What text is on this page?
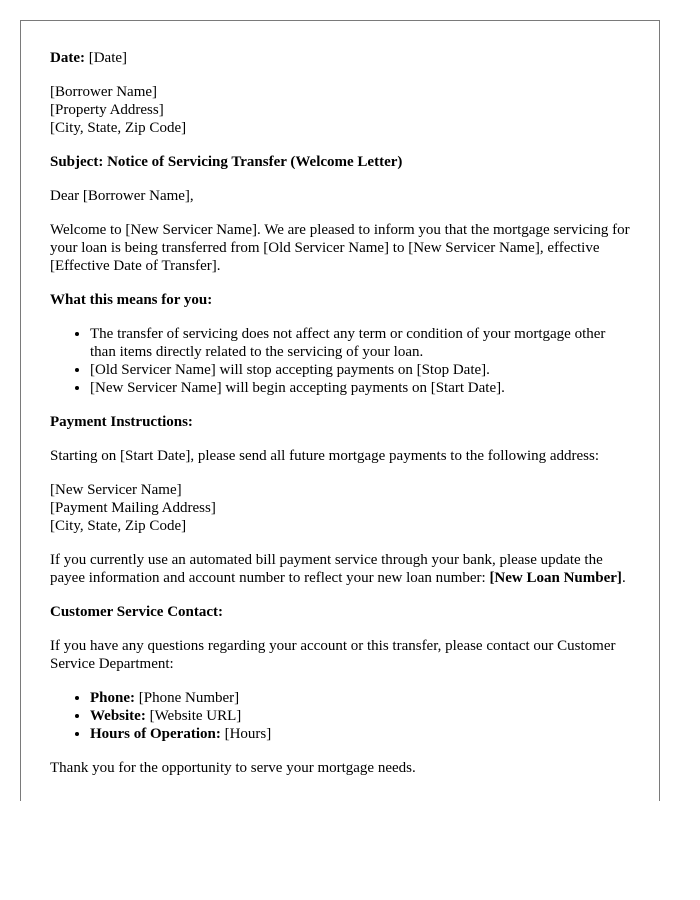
Date: [Date]

[Borrower Name]
[Property Address]
[City, State, Zip Code]

Subject: Notice of Servicing Transfer (Welcome Letter)

Dear [Borrower Name],

Welcome to [New Servicer Name]. We are pleased to inform you that the mortgage servicing for your loan is being transferred from [Old Servicer Name] to [New Servicer Name], effective [Effective Date of Transfer].

What this means for you:

• The transfer of servicing does not affect any term or condition of your mortgage other than items directly related to the servicing of your loan.
• [Old Servicer Name] will stop accepting payments on [Stop Date].
• [New Servicer Name] will begin accepting payments on [Start Date].

Payment Instructions:

Starting on [Start Date], please send all future mortgage payments to the following address:

[New Servicer Name]
[Payment Mailing Address]
[City, State, Zip Code]

If you currently use an automated bill payment service through your bank, please update the payee information and account number to reflect your new loan number: [New Loan Number].

Customer Service Contact:

If you have any questions regarding your account or this transfer, please contact our Customer Service Department:

• Phone: [Phone Number]
• Website: [Website URL]
• Hours of Operation: [Hours]

Thank you for the opportunity to serve your mortgage needs.
